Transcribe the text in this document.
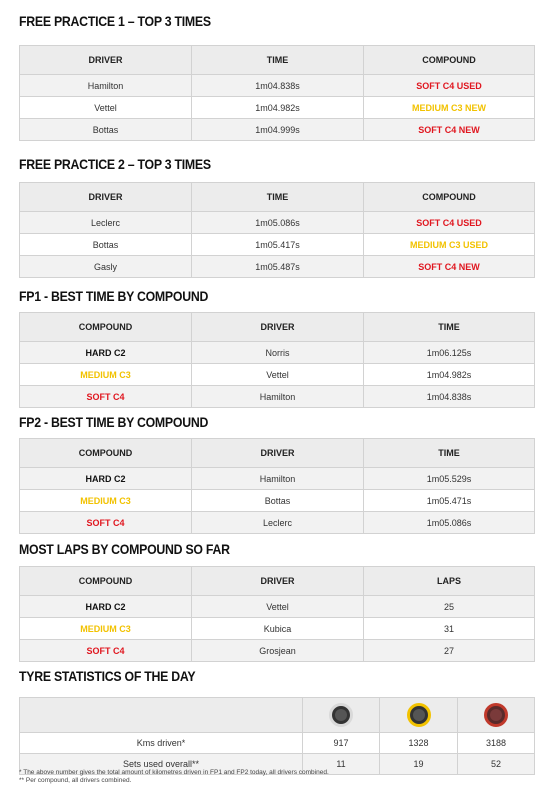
FREE PRACTICE 1 – TOP 3 TIMES
DRIVER	TIME	COMPOUND
Hamilton	1m04.838s	SOFT C4 USED
Vettel	1m04.982s	MEDIUM C3 NEW
Bottas	1m04.999s	SOFT C4 NEW
FREE PRACTICE 2 – TOP 3 TIMES
DRIVER	TIME	COMPOUND
Leclerc	1m05.086s	SOFT C4 USED
Bottas	1m05.417s	MEDIUM C3 USED
Gasly	1m05.487s	SOFT C4 NEW
FP1 - BEST TIME BY COMPOUND
COMPOUND	DRIVER	TIME
HARD C2	Norris	1m06.125s
MEDIUM C3	Vettel	1m04.982s
SOFT C4	Hamilton	1m04.838s
FP2 - BEST TIME BY COMPOUND
COMPOUND	DRIVER	TIME
HARD C2	Hamilton	1m05.529s
MEDIUM C3	Bottas	1m05.471s
SOFT C4	Leclerc	1m05.086s
MOST LAPS BY COMPOUND SO FAR
COMPOUND	DRIVER	LAPS
HARD C2	Vettel	25
MEDIUM C3	Kubica	31
SOFT C4	Grosjean	27
TYRE STATISTICS OF THE DAY

Kms driven*	917	1328	3188
Sets used overall**	11	19	52
* The above number gives the total amount of kilometres driven in FP1 and FP2 today, all drivers combined.
** Per compound, all drivers combined.
